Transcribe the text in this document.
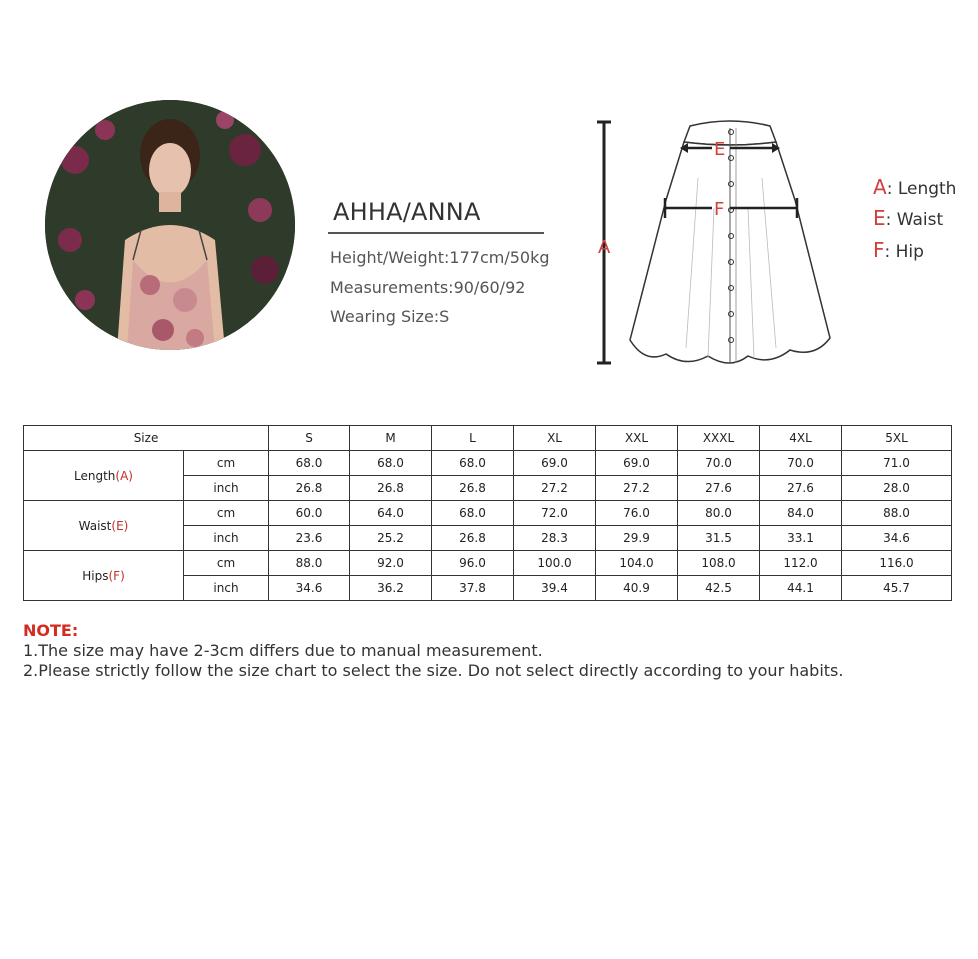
AHHA/ANNA
Height/Weight:177cm/50kg
Measurements:90/60/92
Wearing Size:S
A
E
F
A: Length
E: Waist
F: Hip
Size		S	M	L	XL	XXL	XXXL	4XL	5XL
Length(A)	cm	68.0	68.0	68.0	69.0	69.0	70.0	70.0	71.0
	inch	26.8	26.8	26.8	27.2	27.2	27.6	27.6	28.0
Waist(E)	cm	60.0	64.0	68.0	72.0	76.0	80.0	84.0	88.0
	inch	23.6	25.2	26.8	28.3	29.9	31.5	33.1	34.6
Hips(F)	cm	88.0	92.0	96.0	100.0	104.0	108.0	112.0	116.0
	inch	34.6	36.2	37.8	39.4	40.9	42.5	44.1	45.7
NOTE:
1.The size may have 2-3cm differs due to manual measurement.
2.Please strictly follow the size chart to select the size. Do not select directly according to your habits.
